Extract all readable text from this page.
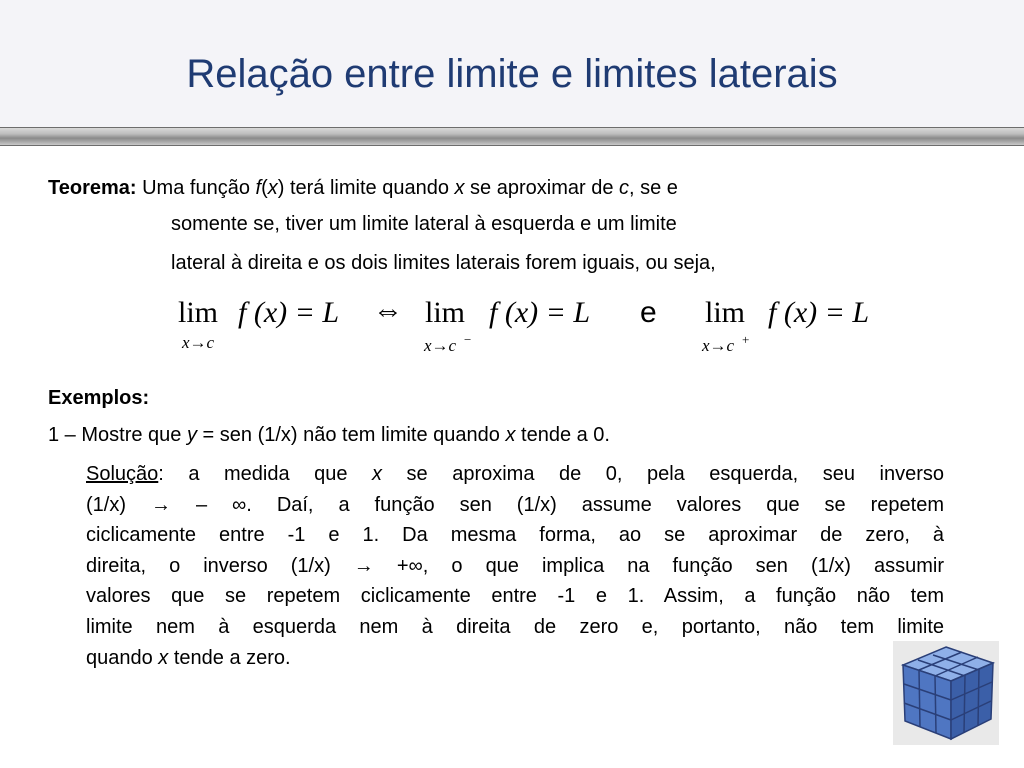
Relação entre limite e limites laterais
Teorema: Uma função f(x) terá limite quando x se aproximar de c, se e
somente se, tiver um limite lateral à esquerda e um limite
lateral à direita e os dois limites laterais forem iguais, ou seja,
lim f (x) = L ⇔ lim f (x) = L e lim f (x) = L
x→c	x→c −	x→c +
Exemplos:
1 – Mostre que y = sen (1/x) não tem limite quando x tende a 0.
Solução: a medida que x se aproxima de 0, pela esquerda, seu inverso
(1/x) → – ∞. Daí, a função sen (1/x) assume valores que se repetem
ciclicamente entre -1 e 1. Da mesma forma, ao se aproximar de zero, à
direita, o inverso (1/x) → +∞, o que implica na função sen (1/x) assumir
valores que se repetem ciclicamente entre -1 e 1. Assim, a função não tem
limite nem à esquerda nem à direita de zero e, portanto, não tem limite
quando x tende a zero.
